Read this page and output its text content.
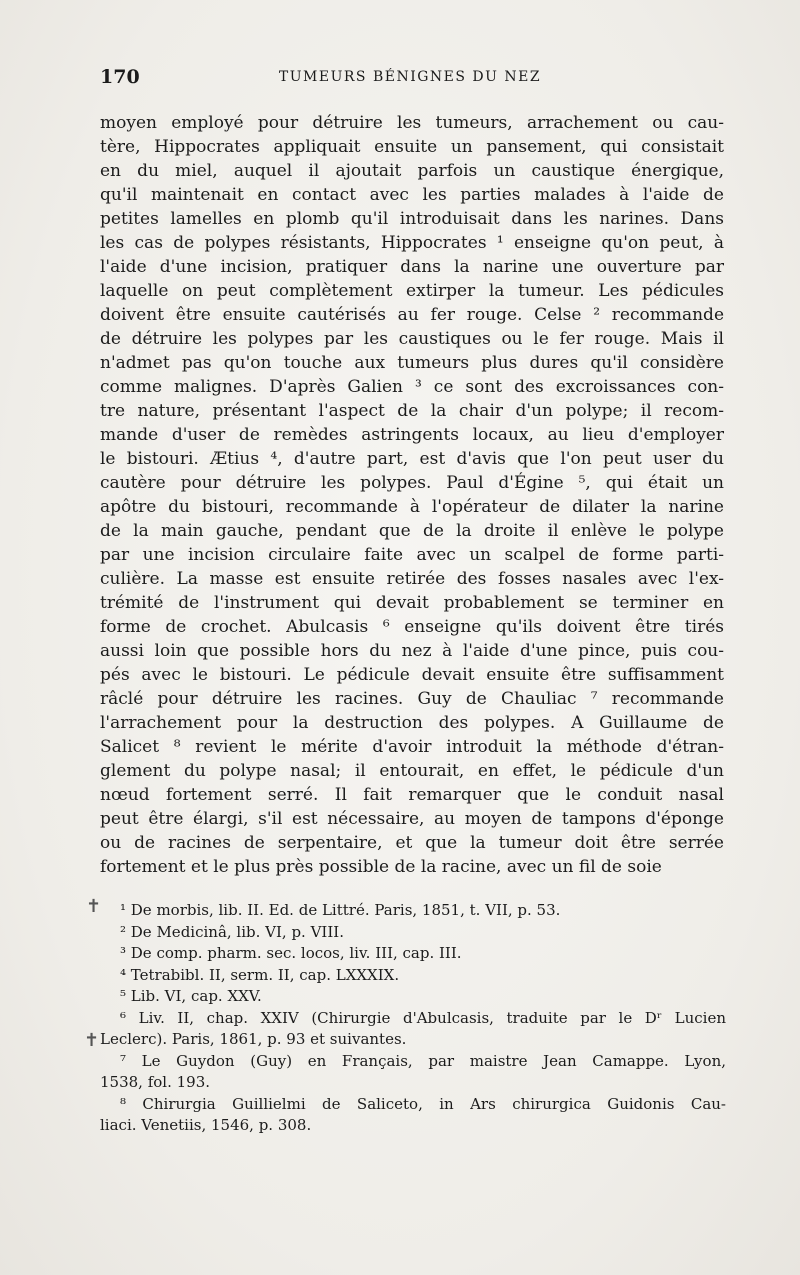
170	TUMEURS BÉNIGNES DU NEZ
moyen employé pour détruire les tumeurs, arrachement ou cau-
tère, Hippocrates appliquait ensuite un pansement, qui consistait
en du miel, auquel il ajoutait parfois un caustique énergique,
qu'il maintenait en contact avec les parties malades à l'aide de
petites lamelles en plomb qu'il introduisait dans les narines. Dans
les cas de polypes résistants, Hippocrates ¹ enseigne qu'on peut, à
l'aide d'une incision, pratiquer dans la narine une ouverture par
laquelle on peut complètement extirper la tumeur. Les pédicules
doivent être ensuite cautérisés au fer rouge. Celse ² recommande
de détruire les polypes par les caustiques ou le fer rouge. Mais il
n'admet pas qu'on touche aux tumeurs plus dures qu'il considère
comme malignes. D'après Galien ³ ce sont des excroissances con-
tre nature, présentant l'aspect de la chair d'un polype; il recom-
mande d'user de remèdes astringents locaux, au lieu d'employer
le bistouri. Ætius ⁴, d'autre part, est d'avis que l'on peut user du
cautère pour détruire les polypes. Paul d'Égine ⁵, qui était un
apôtre du bistouri, recommande à l'opérateur de dilater la narine
de la main gauche, pendant que de la droite il enlève le polype
par une incision circulaire faite avec un scalpel de forme parti-
culière. La masse est ensuite retirée des fosses nasales avec l'ex-
trémité de l'instrument qui devait probablement se terminer en
forme de crochet. Abulcasis ⁶ enseigne qu'ils doivent être tirés
aussi loin que possible hors du nez à l'aide d'une pince, puis cou-
pés avec le bistouri. Le pédicule devait ensuite être suffisamment
râclé pour détruire les racines. Guy de Chauliac ⁷ recommande
l'arrachement pour la destruction des polypes. A Guillaume de
Salicet ⁸ revient le mérite d'avoir introduit la méthode d'étran-
glement du polype nasal; il entourait, en effet, le pédicule d'un
nœud fortement serré. Il fait remarquer que le conduit nasal
peut être élargi, s'il est nécessaire, au moyen de tampons d'éponge
ou de racines de serpentaire, et que la tumeur doit être serrée
fortement et le plus près possible de la racine, avec un fil de soie
✝
✝
¹ De morbis, lib. II. Ed. de Littré. Paris, 1851, t. VII, p. 53.
² De Medicinâ, lib. VI, p. VIII.
³ De comp. pharm. sec. locos, liv. III, cap. III.
⁴ Tetrabibl. II, serm. II, cap. LXXXIX.
⁵ Lib. VI, cap. XXV.
⁶ Liv. II, chap. XXIV (Chirurgie d'Abulcasis, traduite par le Dʳ Lucien
Leclerc). Paris, 1861, p. 93 et suivantes.
⁷ Le Guydon (Guy) en Français, par maistre Jean Camappe. Lyon,
1538, fol. 193.
⁸ Chirurgia Guillielmi de Saliceto, in Ars chirurgica Guidonis Cau-
liaci. Venetiis, 1546, p. 308.
